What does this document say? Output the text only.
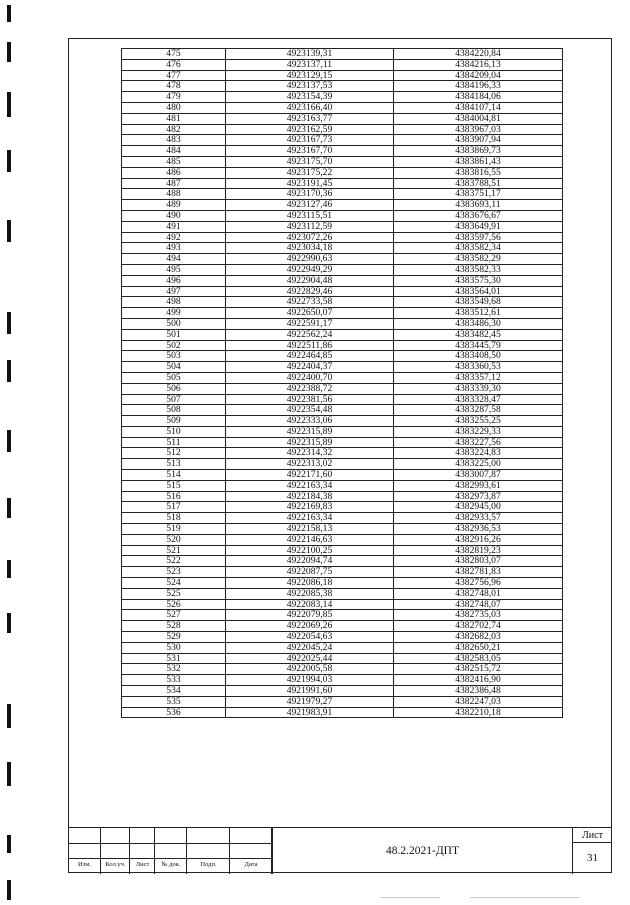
475	4923139,31	4384220,84
476	4923137,11	4384216,13
477	4923129,15	4384209,04
478	4923137,53	4384196,33
479	4923154,39	4384184,06
480	4923166,40	4384107,14
481	4923163,77	4384004,81
482	4923162,59	4383967,03
483	4923167,73	4383907,94
484	4923167,70	4383869,73
485	4923175,70	4383861,43
486	4923175,22	4383816,55
487	4923191,45	4383788,51
488	4923170,36	4383751,17
489	4923127,46	4383693,11
490	4923115,51	4383676,67
491	4923112,59	4383649,91
492	4923072,26	4383597,56
493	4923034,18	4383582,34
494	4922990,63	4383582,29
495	4922949,29	4383582,33
496	4922904,48	4383575,30
497	4922829,46	4383564,01
498	4922733,58	4383549,68
499	4922650,07	4383512,61
500	4922591,17	4383486,30
501	4922562,24	4383482,45
502	4922511,86	4383445,79
503	4922464,85	4383408,50
504	4922404,37	4383360,53
505	4922400,70	4383357,12
506	4922388,72	4383339,30
507	4922381,56	4383328,47
508	4922354,48	4383287,58
509	4922333,06	4383255,25
510	4922315,89	4383229,33
511	4922315,89	4383227,56
512	4922314,32	4383224,83
513	4922313,02	4383225,00
514	4922171,60	4383007,87
515	4922163,34	4382993,61
516	4922184,38	4382973,87
517	4922169,83	4382945,00
518	4922163,34	4382933,57
519	4922158,13	4382936,53
520	4922146,63	4382916,26
521	4922100,25	4382819,23
522	4922094,74	4382803,07
523	4922087,75	4382781,83
524	4922086,18	4382756,96
525	4922085,38	4382748,01
526	4922083,14	4382748,07
527	4922079,85	4382735,03
528	4922069,26	4382702,74
529	4922054,63	4382682,03
530	4922045,24	4382650,21
531	4922025,44	4382583,05
532	4922005,58	4382515,72
533	4921994,03	4382416,90
534	4921991,60	4382386,48
535	4921979,27	4382247,03
536	4921983,91	4382210,18
Изм.	Кол.уч.	Лист	№ док.	Подп.	Дата
48.2.2021-ДПТ
Лист
31
